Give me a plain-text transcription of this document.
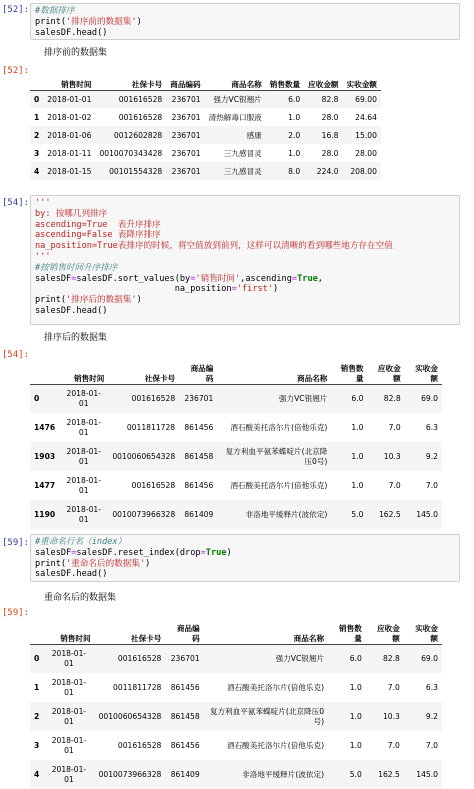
[52]: #数据排序
print('排序前的数据集')
salesDF.head()
排序前的数据集
[52]:
	销售时间	社保卡号	商品编码	商品名称	销售数量	应收金额	实收金额
0	2018-01-01	001616528	236701	强力VC银翘片	6.0	82.8	69.00
1	2018-01-02	001616528	236701	清热解毒口服液	1.0	28.0	24.64
2	2018-01-06	0012602828	236701	感康	2.0	16.8	15.00
3	2018-01-11	0010070343428	236701	三九感冒灵	1.0	28.0	28.00
4	2018-01-15	00101554328	236701	三九感冒灵	8.0	224.0	208.00
[54]: '''
by: 按哪几列排序
ascending=True  表升序排序
ascending=False 表降序排序
na_position=True表排序的时候，将空值放到前列，这样可以清晰的看到哪些地方存在空值
'''
#按销售时间升序排序
salesDF=salesDF.sort_values(by='销售时间',ascending=True,
na_position='first')
print('排序后的数据集')
salesDF.head()
排序后的数据集
[54]:
	销售时间	社保卡号	商品编码	商品名称	销售数量	应收金额	实收金额
0	2018-01-01	001616528	236701	强力VC银翘片	6.0	82.8	69.0
1476	2018-01-01	0011811728	861456	酒石酸美托洛尔片(倍他乐克)	1.0	7.0	6.3
1903	2018-01-01	0010060654328	861458	复方利血平氨苯蝶啶片(北京降压0号)	1.0	10.3	9.2
1477	2018-01-01	001616528	861456	酒石酸美托洛尔片(倍他乐克)	1.0	7.0	7.0
1190	2018-01-01	0010073966328	861409	非洛地平缓释片(波依定)	5.0	162.5	145.0
[59]: #重命名行名（index）
salesDF=salesDF.reset_index(drop=True)
print('重命名后的数据集')
salesDF.head()
重命名后的数据集
[59]:
	销售时间	社保卡号	商品编码	商品名称	销售数量	应收金额	实收金额
0	2018-01-01	001616528	236701	强力VC银翘片	6.0	82.8	69.0
1	2018-01-01	0011811728	861456	酒石酸美托洛尔片(倍他乐克)	1.0	7.0	6.3
2	2018-01-01	0010060654328	861458	复方利血平氨苯蝶啶片(北京降压0号)	1.0	10.3	9.2
3	2018-01-01	001616528	861456	酒石酸美托洛尔片(倍他乐克)	1.0	7.0	7.0
4	2018-01-01	0010073966328	861409	非洛地平缓释片(波依定)	5.0	162.5	145.0
